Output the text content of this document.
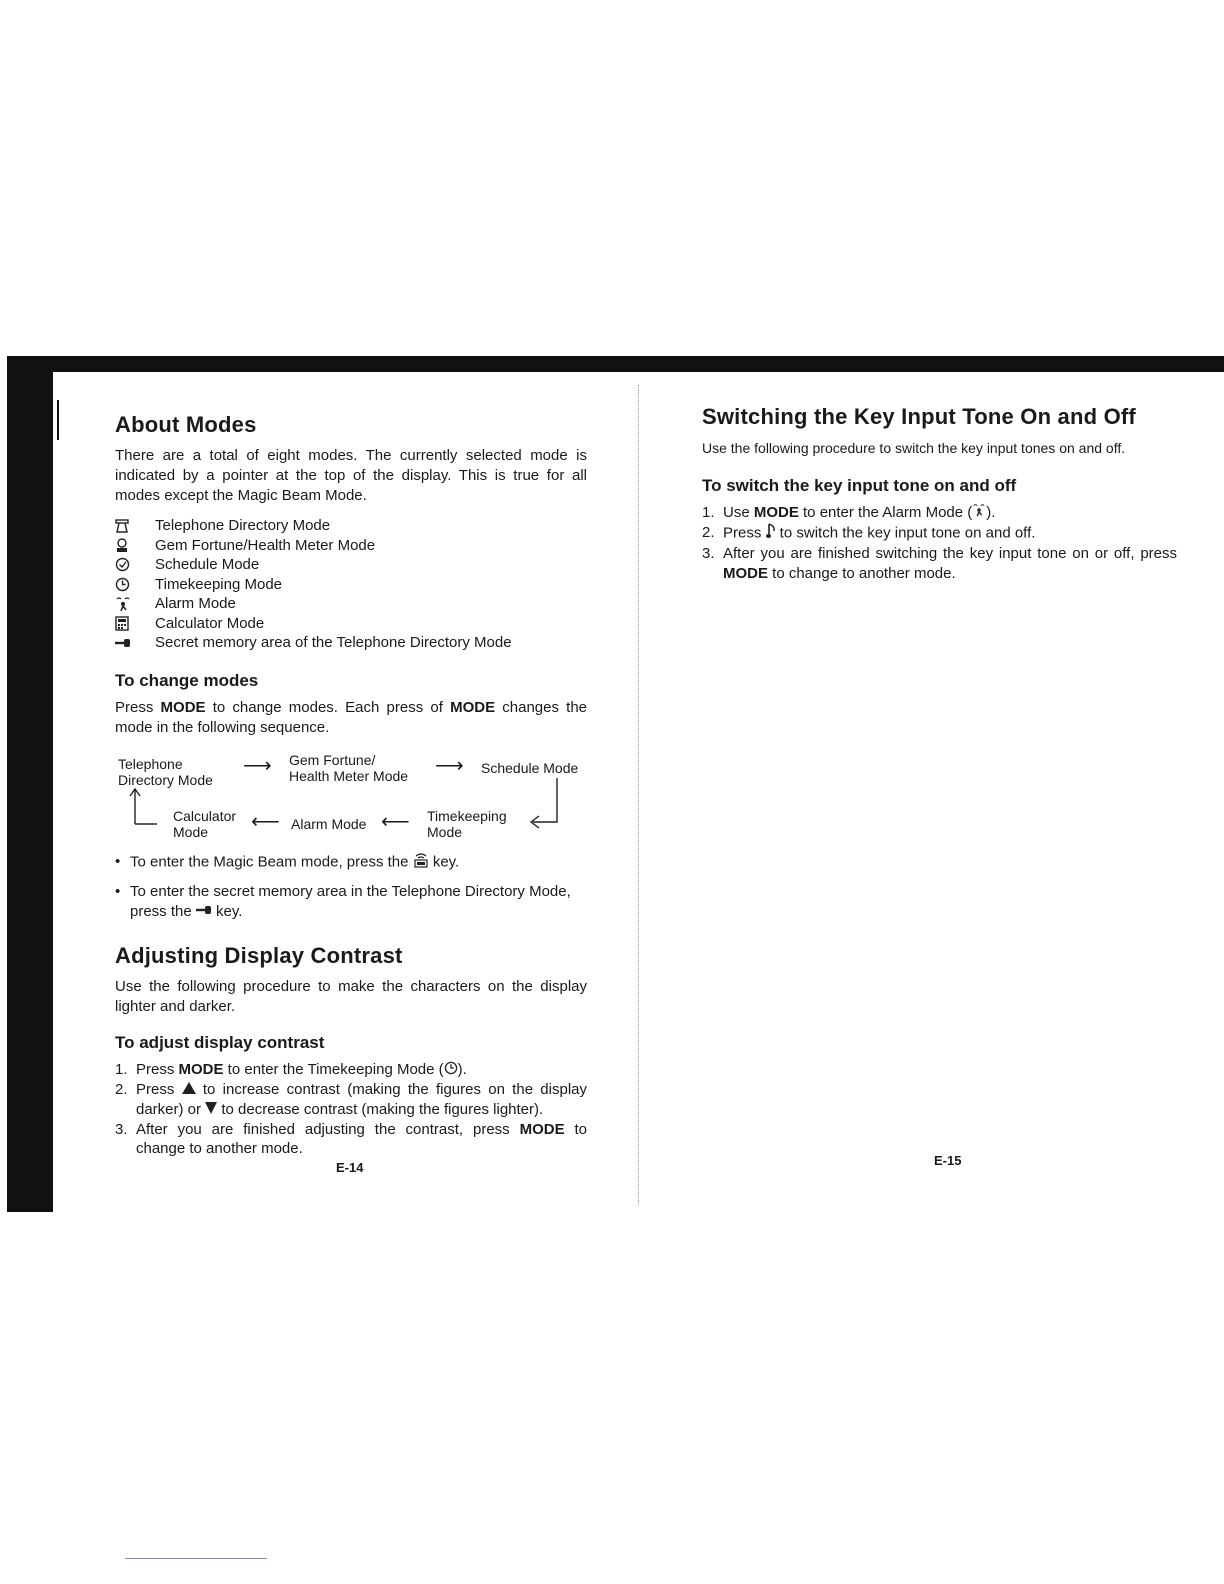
About Modes

There are a total of eight modes. The currently selected mode is indicated by a pointer at the top of the display. This is true for all modes except the Magic Beam Mode.

Telephone Directory Mode
Gem Fortune/Health Meter Mode
Schedule Mode
Timekeeping Mode
Alarm Mode
Calculator Mode
Secret memory area of the Telephone Directory Mode
To change modes

Press MODE to change modes. Each press of MODE changes the mode in the following sequence.

Telephone
Directory Mode
⟶ Gem Fortune/
Health Meter Mode ⟶ Schedule Mode
Calculator
Mode	⟵ Alarm Mode ⟵ Timekeeping
Mode
• To enter the Magic Beam mode, press the  key.
• To enter the secret memory area in the Telephone Directory Mode, press the  key.
Adjusting Display Contrast

Use the following procedure to make the characters on the display lighter and darker.

To adjust display contrast
1. Press MODE to enter the Timekeeping Mode ( ).
2. Press  to increase contrast (making the figures on the display darker) or  to decrease contrast (making the figures lighter).
3. After you are finished adjusting the contrast, press MODE to change to another mode.
E-14
Switching the Key Input Tone On and Off

Use the following procedure to switch the key input tones on and off.

To switch the key input tone on and off
1. Use MODE to enter the Alarm Mode ( ).
2. Press  to switch the key input tone on and off.
3. After you are finished switching the key input tone on or off, press MODE to change to another mode.
E-15
